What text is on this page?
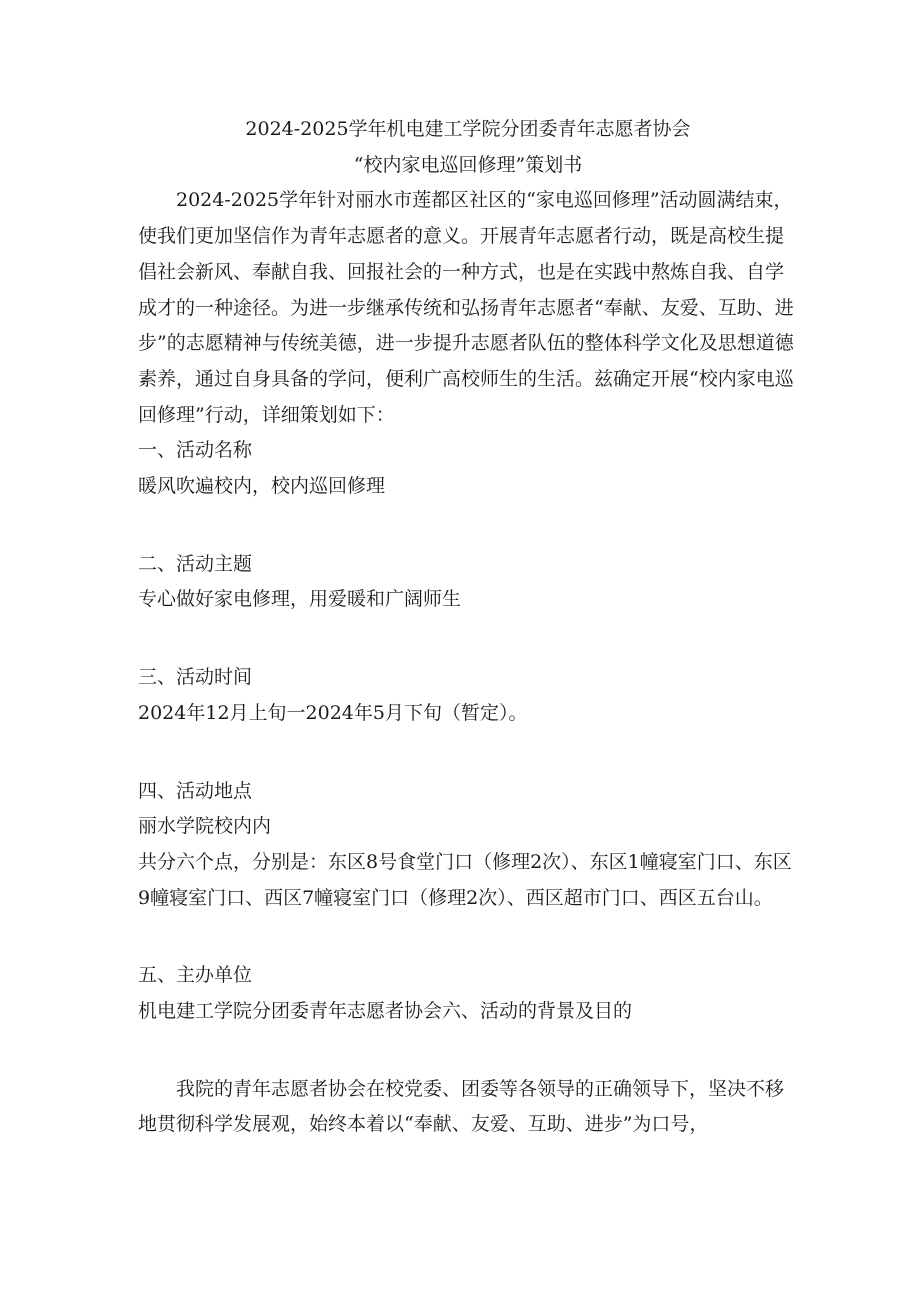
2024-2025学年机电建工学院分团委青年志愿者协会
“校内家电巡回修理”策划书

2024-2025学年针对丽水市莲都区社区的“家电巡回修理”活动圆满结束，使我们更加坚信作为青年志愿者的意义。开展青年志愿者行动，既是高校生提倡社会新风、奉献自我、回报社会的一种方式，也是在实践中熬炼自我、自学成才的一种途径。为进一步继承传统和弘扬青年志愿者“奉献、友爱、互助、进步”的志愿精神与传统美德，进一步提升志愿者队伍的整体科学文化及思想道德素养，通过自身具备的学问，便利广高校师生的生活。兹确定开展“校内家电巡回修理”行动，详细策划如下：

一、活动名称

暖风吹遍校内，校内巡回修理

二、活动主题

专心做好家电修理，用爱暖和广阔师生

三、活动时间

2024年12月上旬一2024年5月下旬（暂定）。

四、活动地点

丽水学院校内内

共分六个点，分别是：东区8号食堂门口（修理2次）、东区1幢寝室门口、东区9幢寝室门口、西区7幢寝室门口（修理2次）、西区超市门口、西区五台山。

五、主办单位

机电建工学院分团委青年志愿者协会六、活动的背景及目的

我院的青年志愿者协会在校党委、团委等各领导的正确领导下，坚决不移地贯彻科学发展观，始终本着以“奉献、友爱、互助、进步”为口号，
